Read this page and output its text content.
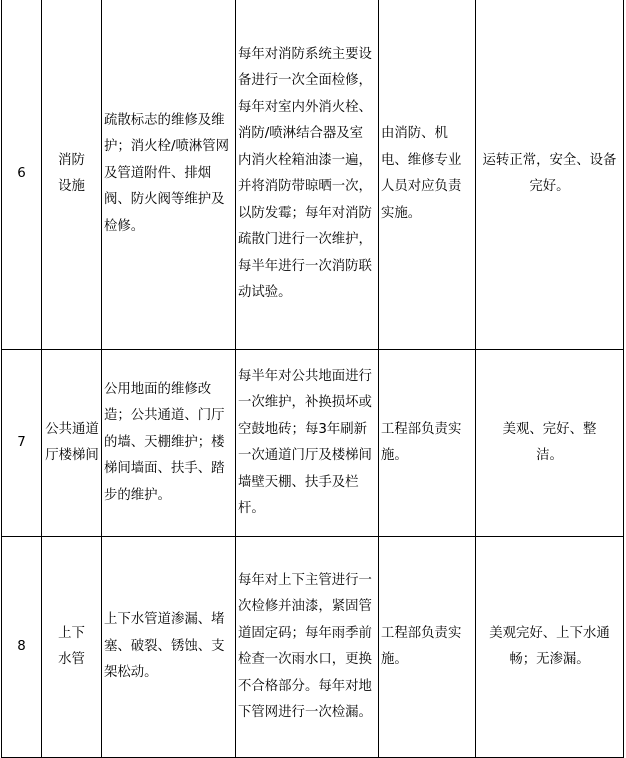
6	消防设施	疏散标志的维修及维护；消火栓/喷淋管网及管道附件、排烟阀、防火阀等维护及检修。	每年对消防系统主要设备进行一次全面检修，每年对室内外消火栓、消防/喷淋结合器及室内消火栓箱油漆一遍，并将消防带晾晒一次，以防发霉；每年对消防疏散门进行一次维护，每半年进行一次消防联动试验。	由消防、机电、维修专业人员对应负责实施。	运转正常，安全、设备完好。
7	公共通道厅楼梯间	公用地面的维修改造；公共通道、门厅的墙、天棚维护；楼梯间墙面、扶手、踏步的维护。	每半年对公共地面进行一次维护，补换损坏或空鼓地砖；每3年刷新一次通道门厅及楼梯间墙壁天棚、扶手及栏杆。	工程部负责实施。	美观、完好、整洁。

8	上下水管	上下水管道渗漏、堵塞、破裂、锈蚀、支架松动。	每年对上下主管进行一次检修并油漆，紧固管道固定码；每年雨季前检查一次雨水口，更换不合格部分。每年对地下管网进行一次检漏。	工程部负责实施。	美观完好、上下水通畅；无渗漏。
